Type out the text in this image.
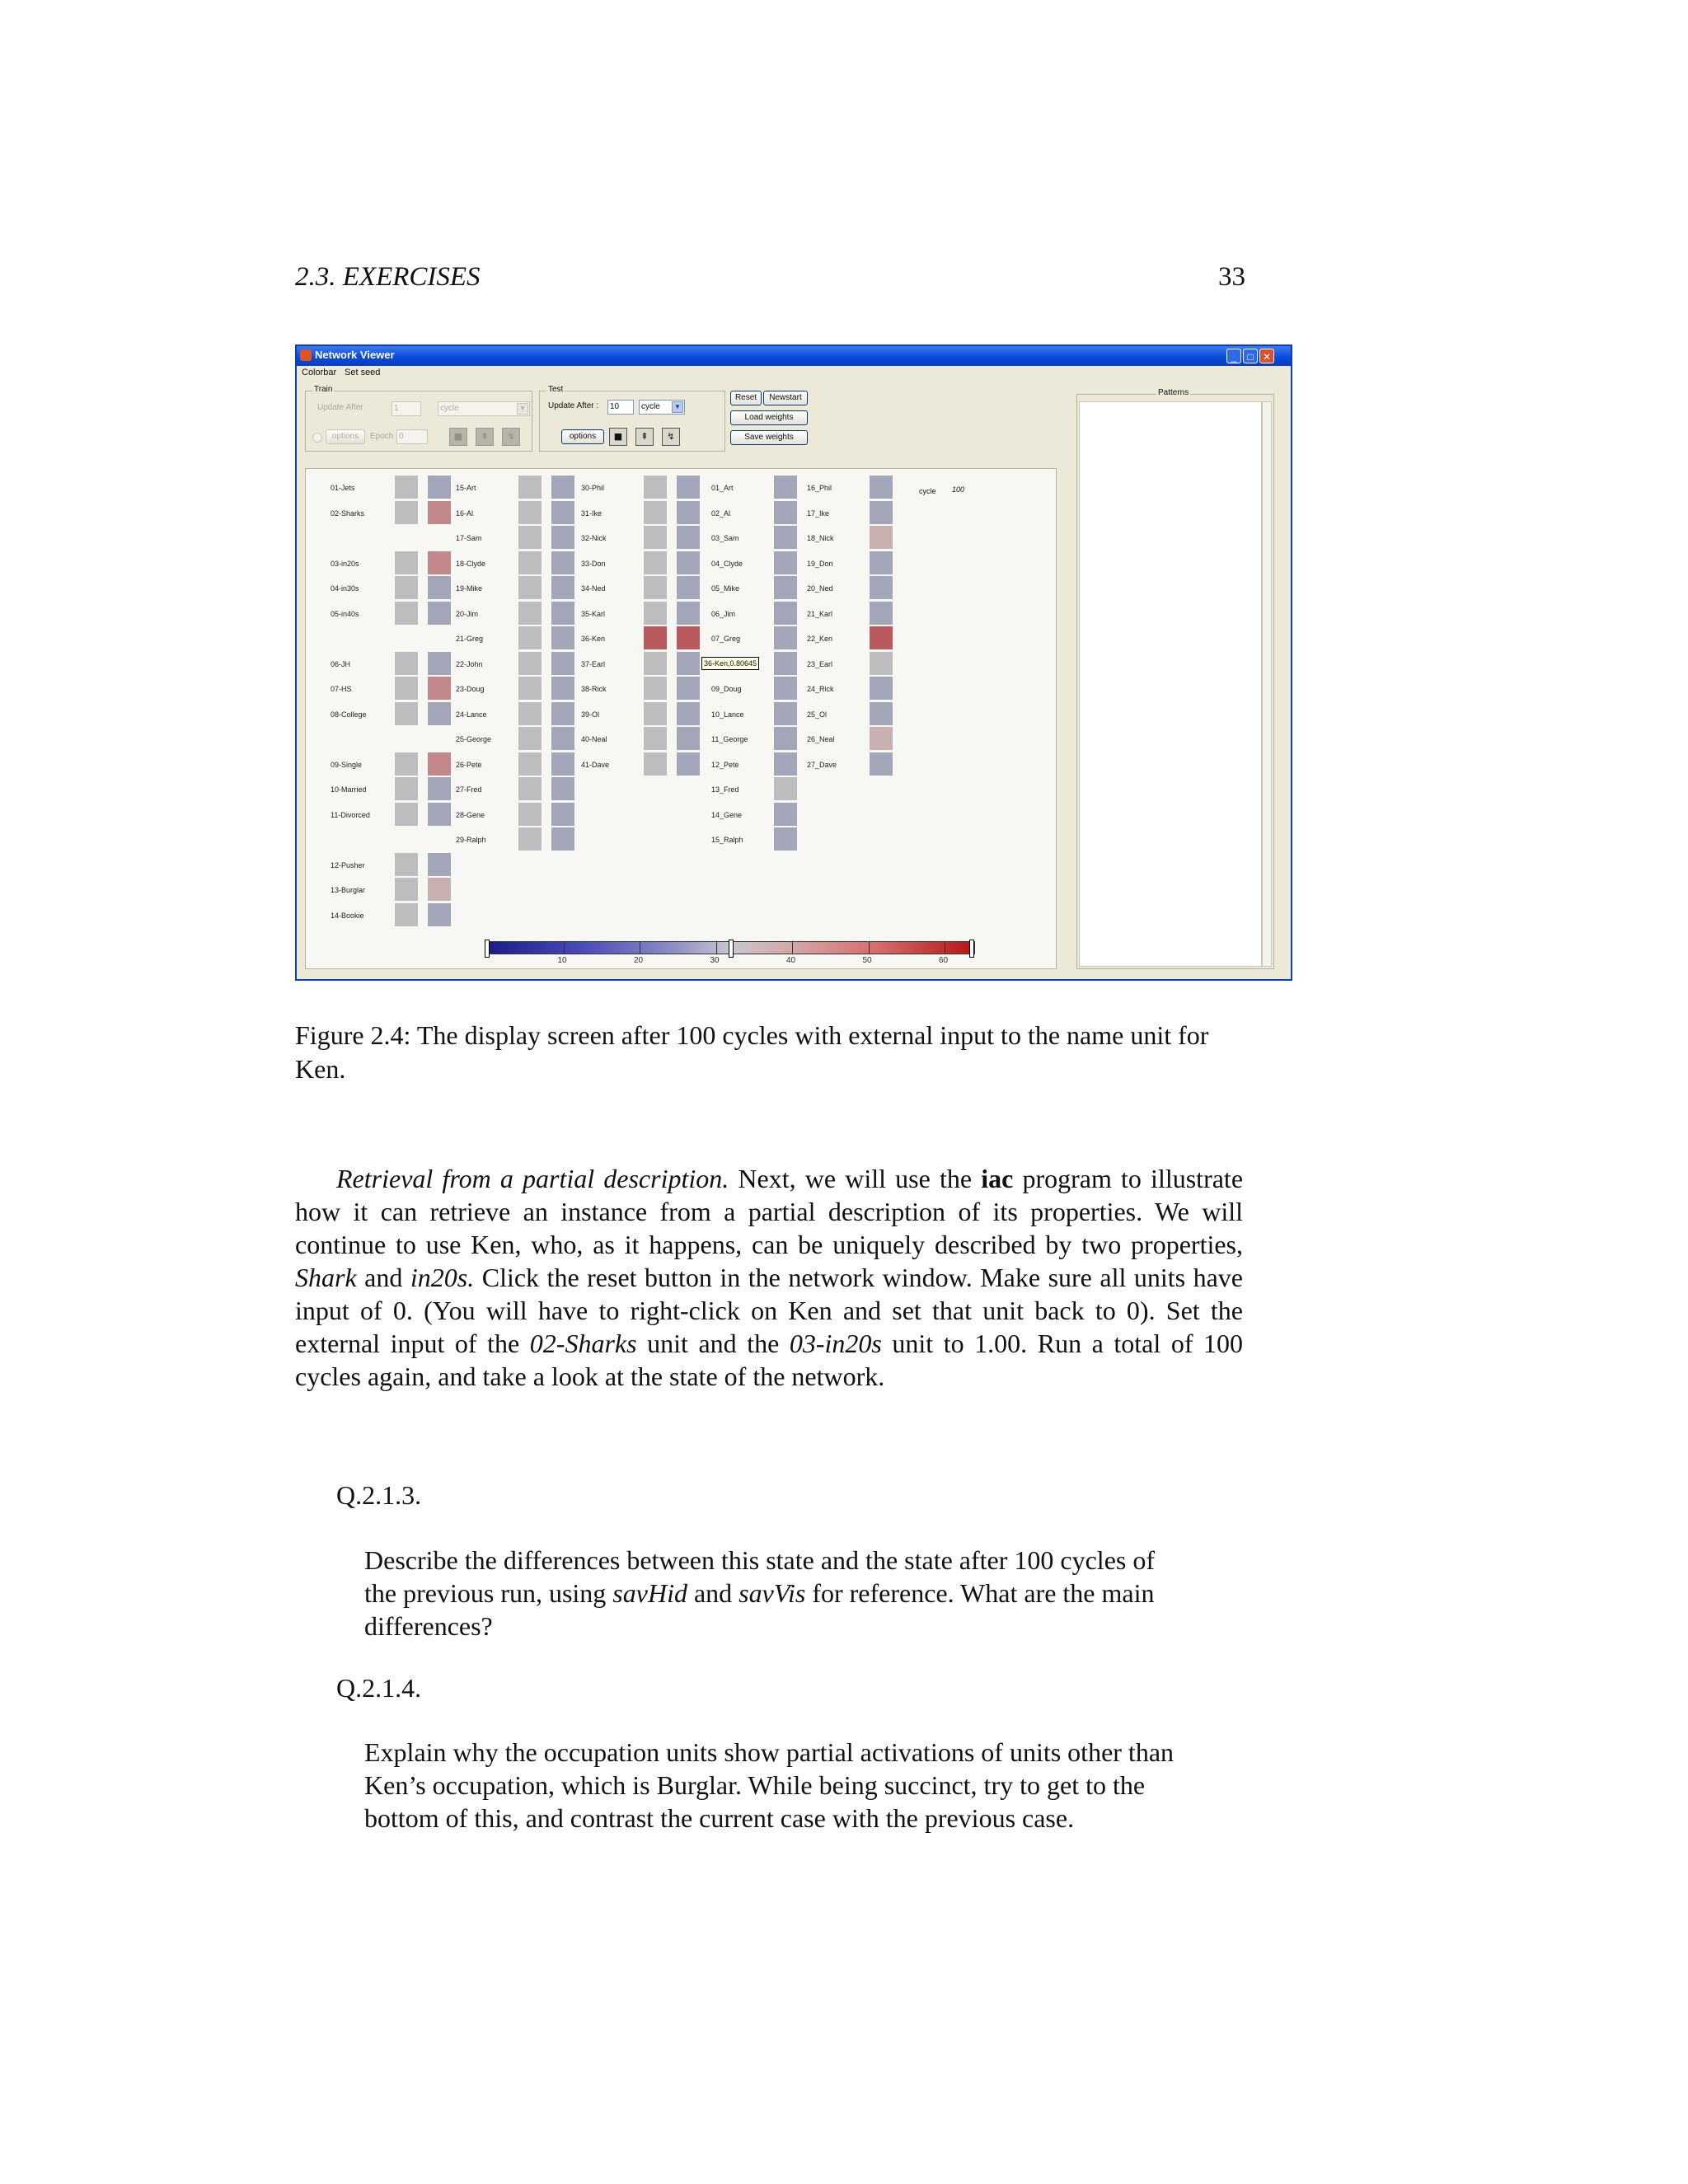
2.3. EXERCISES	33
Network Viewer	_	□ ✕
Colorbar Set seed
Train
Update After	1	cycle	▼
options	Epoch 0	■	⇞	↯
Test
Update After :	10	cycle	▼
options	■	⇞	↯
Reset	Newstart
Load weights
Save weights
Patterns
cycle 100
01-Jets
02-Sharks
03-in20s
04-in30s
05-in40s
06-JH
07-HS
08-College
09-Single
10-Married
11-Divorced
12-Pusher
13-Burglar
14-Bookie
15-Art
16-Al
17-Sam
18-Clyde
19-Mike
20-Jim
21-Greg
22-John
23-Doug
24-Lance
25-George
26-Pete
27-Fred
28-Gene
29-Ralph
30-Phil
31-Ike
32-Nick
33-Don
34-Ned
35-Karl
36-Ken
37-Earl
38-Rick
39-Ol
40-Neal
41-Dave
01_Art
02_Al
03_Sam
04_Clyde
05_Mike
06_Jim
07_Greg
09_Doug
10_Lance
11_George
12_Pete
13_Fred
14_Gene
15_Ralph
16_Phil
17_Ike
18_Nick
19_Don
20_Ned
21_Karl
22_Ken
23_Earl
24_Rick
25_Ol
26_Neal
27_Dave
36-Ken,0.80645
10	20	30	40	50	60
Figure 2.4: The display screen after 100 cycles with external input to the name unit for Ken.
Retrieval from a partial description. Next, we will use the iac program to illustrate how it can retrieve an instance from a partial description of its properties. We will continue to use Ken, who, as it happens, can be uniquely described by two properties, Shark and in20s. Click the reset button in the network window. Make sure all units have input of 0. (You will have to right-click on Ken and set that unit back to 0). Set the external input of the 02-Sharks unit and the 03-in20s unit to 1.00. Run a total of 100 cycles again, and take a look at the state of the network.
Q.2.1.3.
Describe the differences between this state and the state after 100 cycles of the previous run, using savHid and savVis for reference. What are the main differences?
Q.2.1.4.
Explain why the occupation units show partial activations of units other than Ken’s occupation, which is Burglar. While being succinct, try to get to the bottom of this, and contrast the current case with the previous case.
